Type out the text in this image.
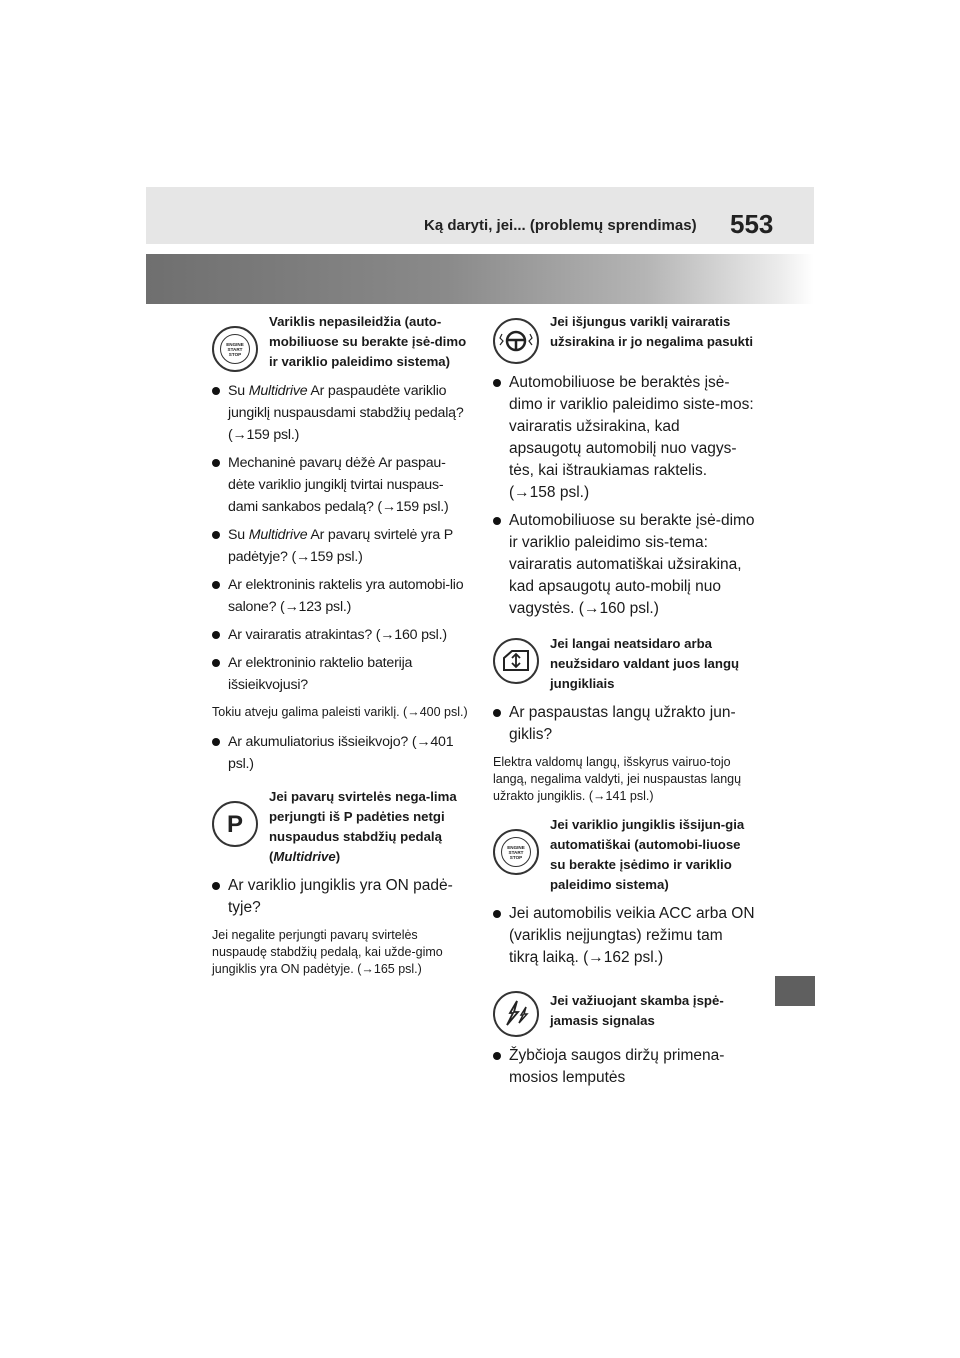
Ką daryti, jei... (problemų sprendimas) 553
ENGINE START STOP
Variklis nepasileidžia (auto-mobiliuose su berakte įsė-dimo ir variklio paleidimo sistema)
Su Multidrive Ar paspaudėte variklio jungiklį nuspausdami stabdžių pedalą? (→159 psl.)
Mechaninė pavarų dėžė Ar paspau-dėte variklio jungiklį tvirtai nuspaus-dami sankabos pedalą? (→159 psl.)
Su Multidrive Ar pavarų svirtelė yra P padėtyje? (→159 psl.)
Ar elektroninis raktelis yra automobi-lio salone? (→123 psl.)
Ar vairaratis atrakintas? (→160 psl.)
Ar elektroninio raktelio baterija išsieikvojusi?
Tokiu atveju galima paleisti variklį. (→400 psl.)
Ar akumuliatorius išsieikvojo? (→401 psl.)
P
Jei pavarų svirtelės nega-lima perjungti iš P padėties netgi nuspaudus stabdžių pedalą (Multidrive)
Ar variklio jungiklis yra ON padė-tyje?
Jei negalite perjungti pavarų svirtelės nuspaudę stabdžių pedalą, kai užde-gimo jungiklis yra ON padėtyje. (→165 psl.)
Jei išjungus variklį vairaratis užsirakina ir jo negalima pasukti
Automobiliuose be beraktės įsė-dimo ir variklio paleidimo siste-mos: vairaratis užsirakina, kad apsaugotų automobilį nuo vagys-tės, kai ištraukiamas raktelis. (→158 psl.)
Automobiliuose su berakte įsė-dimo ir variklio paleidimo sis-tema: vairaratis automatiškai užsirakina, kad apsaugotų auto-mobilį nuo vagystės. (→160 psl.)
Jei langai neatsidaro arba neužsidaro valdant juos langų jungikliais
Ar paspaustas langų užrakto jun-giklis?
Elektra valdomų langų, išskyrus vairuo-tojo langą, negalima valdyti, jei nuspaustas langų užrakto jungiklis. (→141 psl.)
ENGINE START STOP
Jei variklio jungiklis išsijun-gia automatiškai (automobi-liuose su berakte įsėdimo ir variklio paleidimo sistema)
Jei automobilis veikia ACC arba ON (variklis neįjungtas) režimu tam tikrą laiką. (→162 psl.)
Jei važiuojant skamba įspė-jamasis signalas
Žybčioja saugos diržų primena-mosios lemputės
